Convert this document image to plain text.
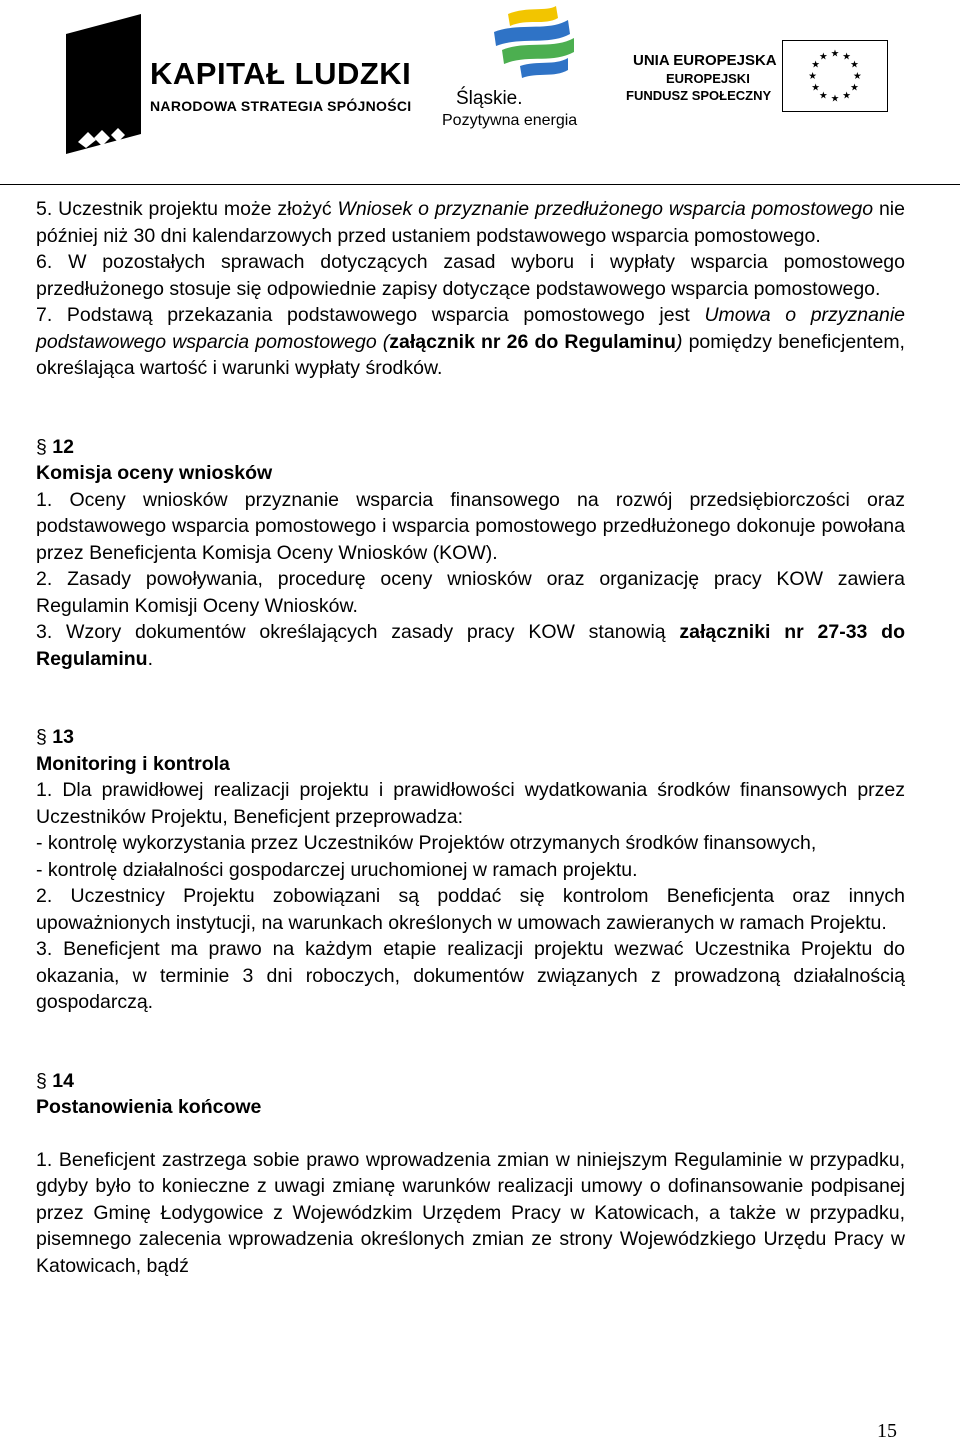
KAPITAŁ LUDZKI
NARODOWA STRATEGIA SPÓJNOŚCI Śląskie.
Pozytywna energia
UNIA EUROPEJSKA
EUROPEJSKI
FUNDUSZ SPOŁECZNY
★ ★
★
★
★
★
★
★
★
★
★
★

5. Uczestnik projektu może złożyć Wniosek o przyznanie przedłużonego wsparcia pomostowego nie później niż 30 dni kalendarzowych przed ustaniem podstawowego wsparcia pomostowego.

6. W pozostałych sprawach dotyczących zasad wyboru i wypłaty wsparcia pomostowego przedłużonego stosuje się odpowiednie zapisy dotyczące podstawowego wsparcia pomostowego.

7. Podstawą przekazania podstawowego wsparcia pomostowego jest Umowa o przyznanie podstawowego wsparcia pomostowego (załącznik nr 26 do Regulaminu) pomiędzy beneficjentem, określająca wartość i warunki wypłaty środków.

§ 12

Komisja oceny wniosków

1. Oceny wniosków przyznanie wsparcia finansowego na rozwój przedsiębiorczości oraz podstawowego wsparcia pomostowego i wsparcia pomostowego przedłużonego dokonuje powołana przez Beneficjenta Komisja Oceny Wniosków (KOW).

2. Zasady powoływania, procedurę oceny wniosków oraz organizację pracy KOW zawiera Regulamin Komisji Oceny Wniosków.

3. Wzory dokumentów określających zasady pracy KOW stanowią załączniki nr 27-33 do Regulaminu.

§ 13

Monitoring i kontrola

1. Dla prawidłowej realizacji projektu i prawidłowości wydatkowania środków finansowych przez Uczestników Projektu, Beneficjent przeprowadza:

- kontrolę wykorzystania przez Uczestników Projektów otrzymanych środków finansowych,

- kontrolę działalności gospodarczej uruchomionej w ramach projektu.

2. Uczestnicy Projektu zobowiązani są poddać się kontrolom Beneficjenta oraz innych upoważnionych instytucji, na warunkach określonych w umowach zawieranych w ramach Projektu.

3. Beneficjent ma prawo na każdym etapie realizacji projektu wezwać Uczestnika Projektu do okazania, w terminie 3 dni roboczych, dokumentów związanych z prowadzoną działalnością gospodarczą.

§ 14

Postanowienia końcowe

1. Beneficjent zastrzega sobie prawo wprowadzenia zmian w niniejszym Regulaminie w przypadku, gdyby było to konieczne z uwagi zmianę warunków realizacji umowy o dofinansowanie podpisanej przez Gminę Łodygowice z Wojewódzkim Urzędem Pracy w Katowicach, a także w przypadku, pisemnego zalecenia wprowadzenia określonych zmian ze strony Wojewódzkiego Urzędu Pracy w Katowicach, bądź

15
